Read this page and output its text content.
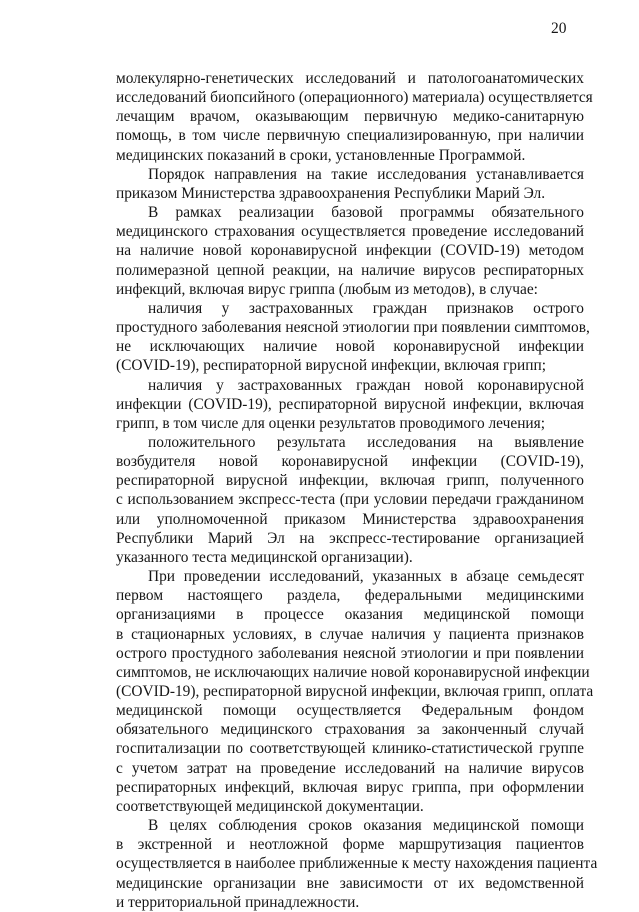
20
молекулярно-генетических исследований и патологоанатомических
исследований биопсийного (операционного) материала) осуществляется
лечащим врачом, оказывающим первичную медико-санитарную
помощь, в том числе первичную специализированную, при наличии
медицинских показаний в сроки, установленные Программой.
Порядок направления на такие исследования устанавливается
приказом Министерства здравоохранения Республики Марий Эл.
В рамках реализации базовой программы обязательного
медицинского страхования осуществляется проведение исследований
на наличие новой коронавирусной инфекции (COVID-19) методом
полимеразной цепной реакции, на наличие вирусов респираторных
инфекций, включая вирус гриппа (любым из методов), в случае:
наличия у застрахованных граждан признаков острого
простудного заболевания неясной этиологии при появлении симптомов,
не исключающих наличие новой коронавирусной инфекции
(COVID-19), респираторной вирусной инфекции, включая грипп;
наличия у застрахованных граждан новой коронавирусной
инфекции (COVID-19), респираторной вирусной инфекции, включая
грипп, в том числе для оценки результатов проводимого лечения;
положительного результата исследования на выявление
возбудителя новой коронавирусной инфекции (COVID-19),
респираторной вирусной инфекции, включая грипп, полученного
с использованием экспресс-теста (при условии передачи гражданином
или уполномоченной приказом Министерства здравоохранения
Республики Марий Эл на экспресс-тестирование организацией
указанного теста медицинской организации).
При проведении исследований, указанных в абзаце семьдесят
первом настоящего раздела, федеральными медицинскими
организациями в процессе оказания медицинской помощи
в стационарных условиях, в случае наличия у пациента признаков
острого простудного заболевания неясной этиологии и при появлении
симптомов, не исключающих наличие новой коронавирусной инфекции
(COVID-19), респираторной вирусной инфекции, включая грипп, оплата
медицинской помощи осуществляется Федеральным фондом
обязательного медицинского страхования за законченный случай
госпитализации по соответствующей клинико-статистической группе
с учетом затрат на проведение исследований на наличие вирусов
респираторных инфекций, включая вирус гриппа, при оформлении
соответствующей медицинской документации.
В целях соблюдения сроков оказания медицинской помощи
в экстренной и неотложной форме маршрутизация пациентов
осуществляется в наиболее приближенные к месту нахождения пациента
медицинские организации вне зависимости от их ведомственной
и территориальной принадлежности.
